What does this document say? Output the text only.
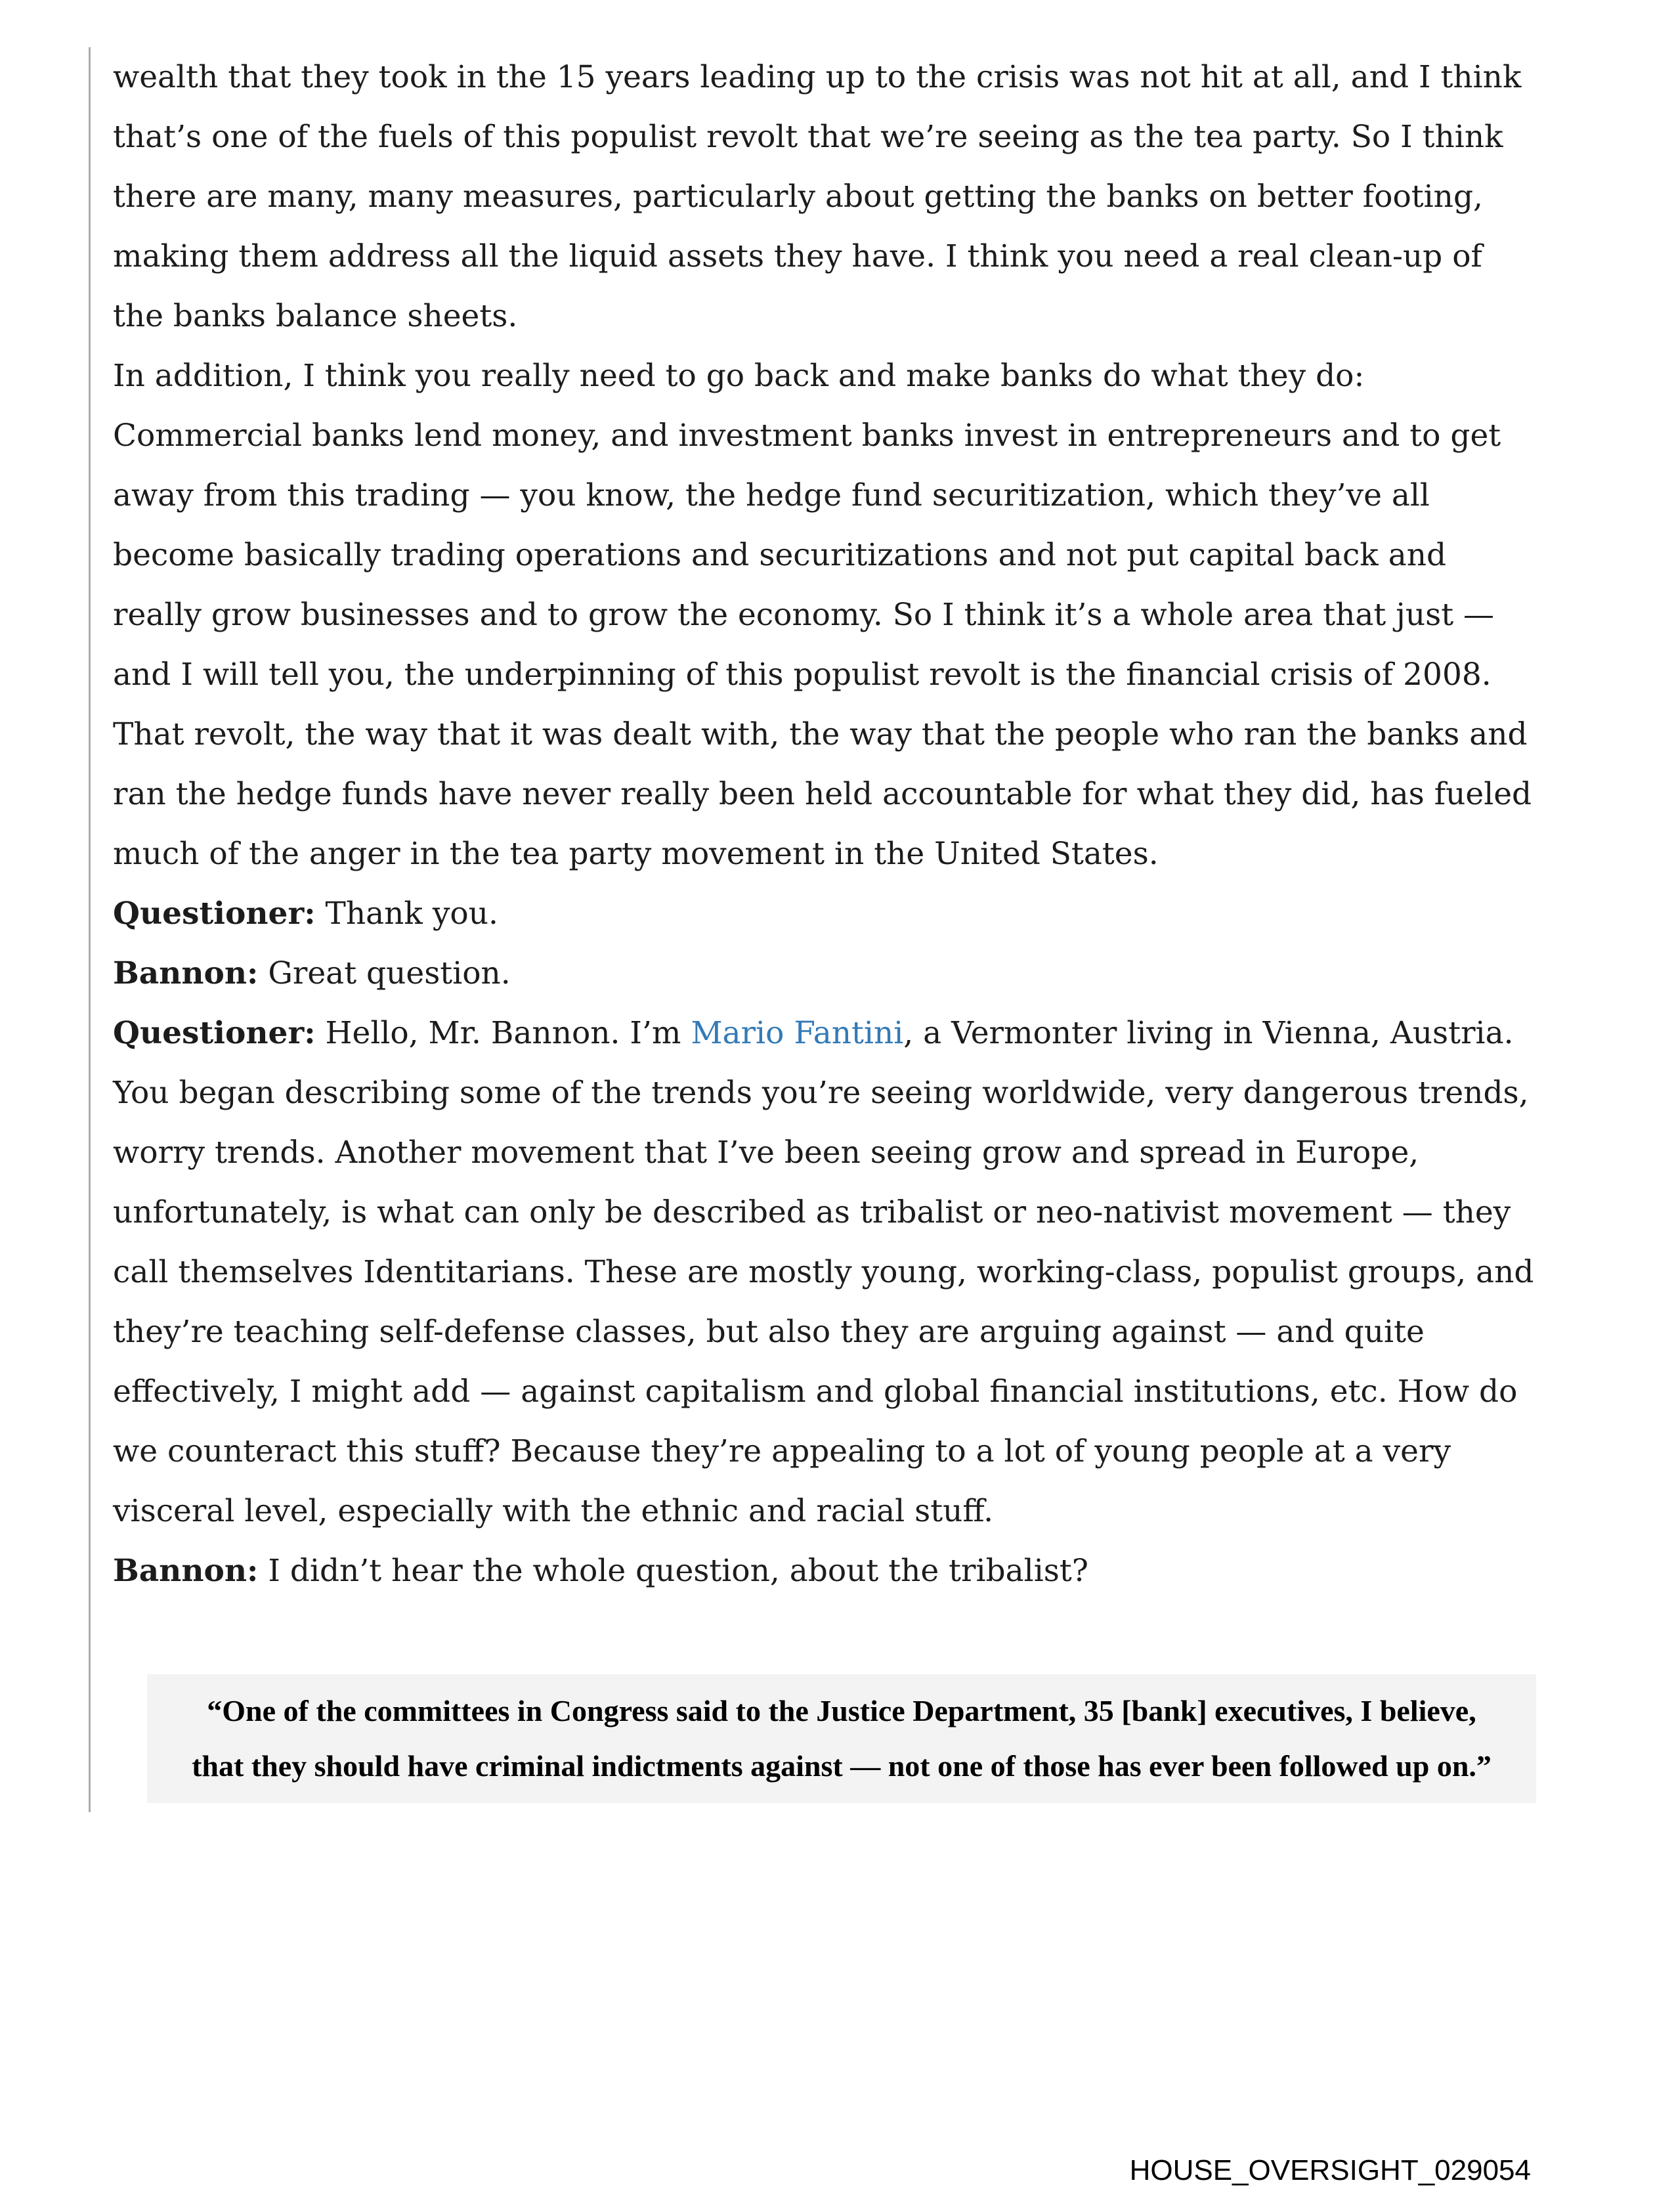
wealth that they took in the 15 years leading up to the crisis was not hit at all, and I think that’s one of the fuels of this populist revolt that we’re seeing as the tea party. So I think there are many, many measures, particularly about getting the banks on better footing, making them address all the liquid assets they have. I think you need a real clean-up of the banks balance sheets.

In addition, I think you really need to go back and make banks do what they do: Commercial banks lend money, and investment banks invest in entrepreneurs and to get away from this trading — you know, the hedge fund securitization, which they’ve all become basically trading operations and securitizations and not put capital back and really grow businesses and to grow the economy. So I think it’s a whole area that just — and I will tell you, the underpinning of this populist revolt is the financial crisis of 2008. That revolt, the way that it was dealt with, the way that the people who ran the banks and ran the hedge funds have never really been held accountable for what they did, has fueled much of the anger in the tea party movement in the United States.

Questioner: Thank you.

Bannon: Great question.

Questioner: Hello, Mr. Bannon. I’m Mario Fantini, a Vermonter living in Vienna, Austria. You began describing some of the trends you’re seeing worldwide, very dangerous trends, worry trends. Another movement that I’ve been seeing grow and spread in Europe, unfortunately, is what can only be described as tribalist or neo-nativist movement — they call themselves Identitarians. These are mostly young, working-class, populist groups, and they’re teaching self-defense classes, but also they are arguing against — and quite effectively, I might add — against capitalism and global financial institutions, etc. How do we counteract this stuff? Because they’re appealing to a lot of young people at a very visceral level, especially with the ethnic and racial stuff.

Bannon: I didn’t hear the whole question, about the tribalist?

“One of the committees in Congress said to the Justice Department, 35 [bank] executives, I believe, that they should have criminal indictments against — not one of those has ever been followed up on.”
HOUSE_OVERSIGHT_029054
